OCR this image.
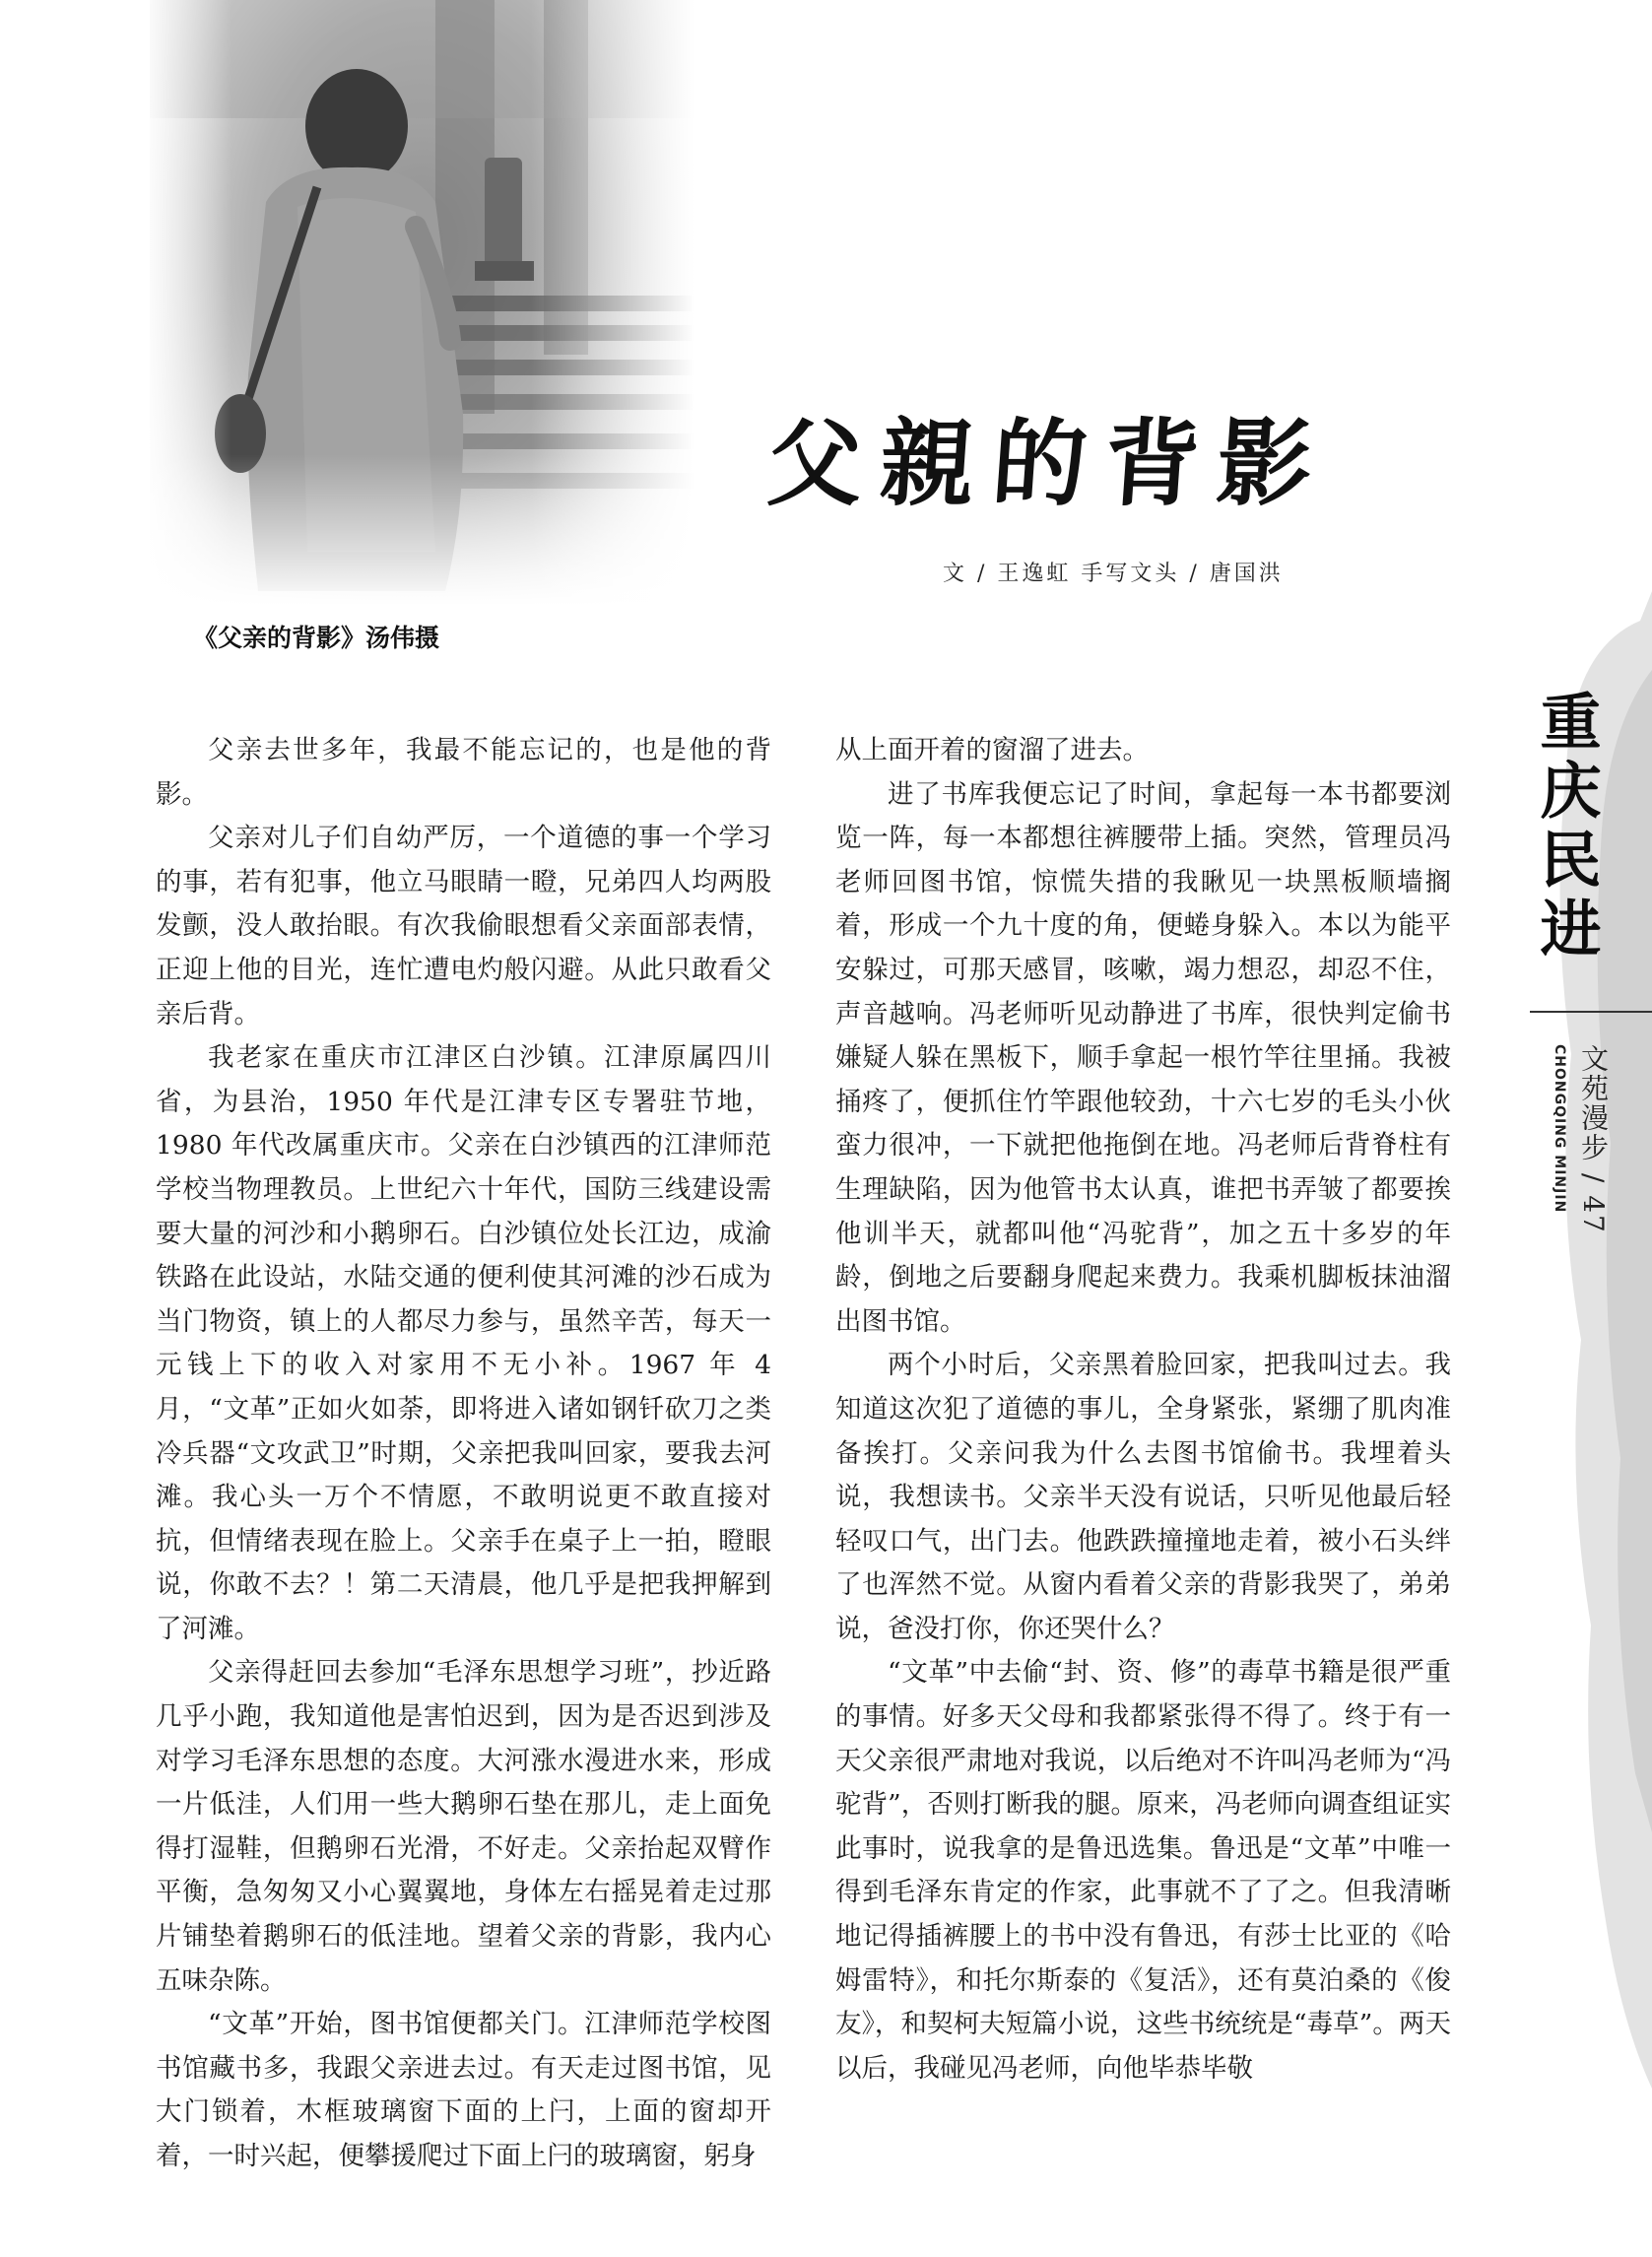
《父亲的背影》汤伟摄
父親的背影
文 / 王逸虹 手写文头 / 唐国洪
重庆民进
文苑漫步 / 47
CHONGQING MINJIN

父亲去世多年，我最不能忘记的，也是他的背影。

父亲对儿子们自幼严厉，一个道德的事一个学习的事，若有犯事，他立马眼睛一瞪，兄弟四人均两股发颤，没人敢抬眼。有次我偷眼想看父亲面部表情，正迎上他的目光，连忙遭电灼般闪避。从此只敢看父亲后背。

我老家在重庆市江津区白沙镇。江津原属四川省，为县治，1950 年代是江津专区专署驻节地，1980 年代改属重庆市。父亲在白沙镇西的江津师范学校当物理教员。上世纪六十年代，国防三线建设需要大量的河沙和小鹅卵石。白沙镇位处长江边，成渝铁路在此设站，水陆交通的便利使其河滩的沙石成为当门物资，镇上的人都尽力参与，虽然辛苦，每天一元钱上下的收入对家用不无小补。1967 年 4 月，“文革”正如火如荼，即将进入诸如钢钎砍刀之类冷兵器“文攻武卫”时期，父亲把我叫回家，要我去河滩。我心头一万个不情愿，不敢明说更不敢直接对抗，但情绪表现在脸上。父亲手在桌子上一拍，瞪眼说，你敢不去？！第二天清晨，他几乎是把我押解到了河滩。

父亲得赶回去参加“毛泽东思想学习班”，抄近路几乎小跑，我知道他是害怕迟到，因为是否迟到涉及对学习毛泽东思想的态度。大河涨水漫进水来，形成一片低洼，人们用一些大鹅卵石垫在那儿，走上面免得打湿鞋，但鹅卵石光滑，不好走。父亲抬起双臂作平衡，急匆匆又小心翼翼地，身体左右摇晃着走过那片铺垫着鹅卵石的低洼地。望着父亲的背影，我内心五味杂陈。

“文革”开始，图书馆便都关门。江津师范学校图书馆藏书多，我跟父亲进去过。有天走过图书馆，见大门锁着，木框玻璃窗下面的上闩，上面的窗却开着，一时兴起，便攀援爬过下面上闩的玻璃窗，躬身

从上面开着的窗溜了进去。

进了书库我便忘记了时间，拿起每一本书都要浏览一阵，每一本都想往裤腰带上插。突然，管理员冯老师回图书馆，惊慌失措的我瞅见一块黑板顺墙搁着，形成一个九十度的角，便蜷身躲入。本以为能平安躲过，可那天感冒，咳嗽，竭力想忍，却忍不住，声音越响。冯老师听见动静进了书库，很快判定偷书嫌疑人躲在黑板下，顺手拿起一根竹竿往里捅。我被捅疼了，便抓住竹竿跟他较劲，十六七岁的毛头小伙蛮力很冲，一下就把他拖倒在地。冯老师后背脊柱有生理缺陷，因为他管书太认真，谁把书弄皱了都要挨他训半天，就都叫他“冯驼背”，加之五十多岁的年龄，倒地之后要翻身爬起来费力。我乘机脚板抹油溜出图书馆。

两个小时后，父亲黑着脸回家，把我叫过去。我知道这次犯了道德的事儿，全身紧张，紧绷了肌肉准备挨打。父亲问我为什么去图书馆偷书。我埋着头说，我想读书。父亲半天没有说话，只听见他最后轻轻叹口气，出门去。他跌跌撞撞地走着，被小石头绊了也浑然不觉。从窗内看着父亲的背影我哭了，弟弟说，爸没打你，你还哭什么？

“文革”中去偷“封、资、修”的毒草书籍是很严重的事情。好多天父母和我都紧张得不得了。终于有一天父亲很严肃地对我说，以后绝对不许叫冯老师为“冯驼背”，否则打断我的腿。原来，冯老师向调查组证实此事时，说我拿的是鲁迅选集。鲁迅是“文革”中唯一得到毛泽东肯定的作家，此事就不了了之。但我清晰地记得插裤腰上的书中没有鲁迅，有莎士比亚的《哈姆雷特》，和托尔斯泰的《复活》，还有莫泊桑的《俊友》，和契柯夫短篇小说，这些书统统是“毒草”。两天以后，我碰见冯老师，向他毕恭毕敬
